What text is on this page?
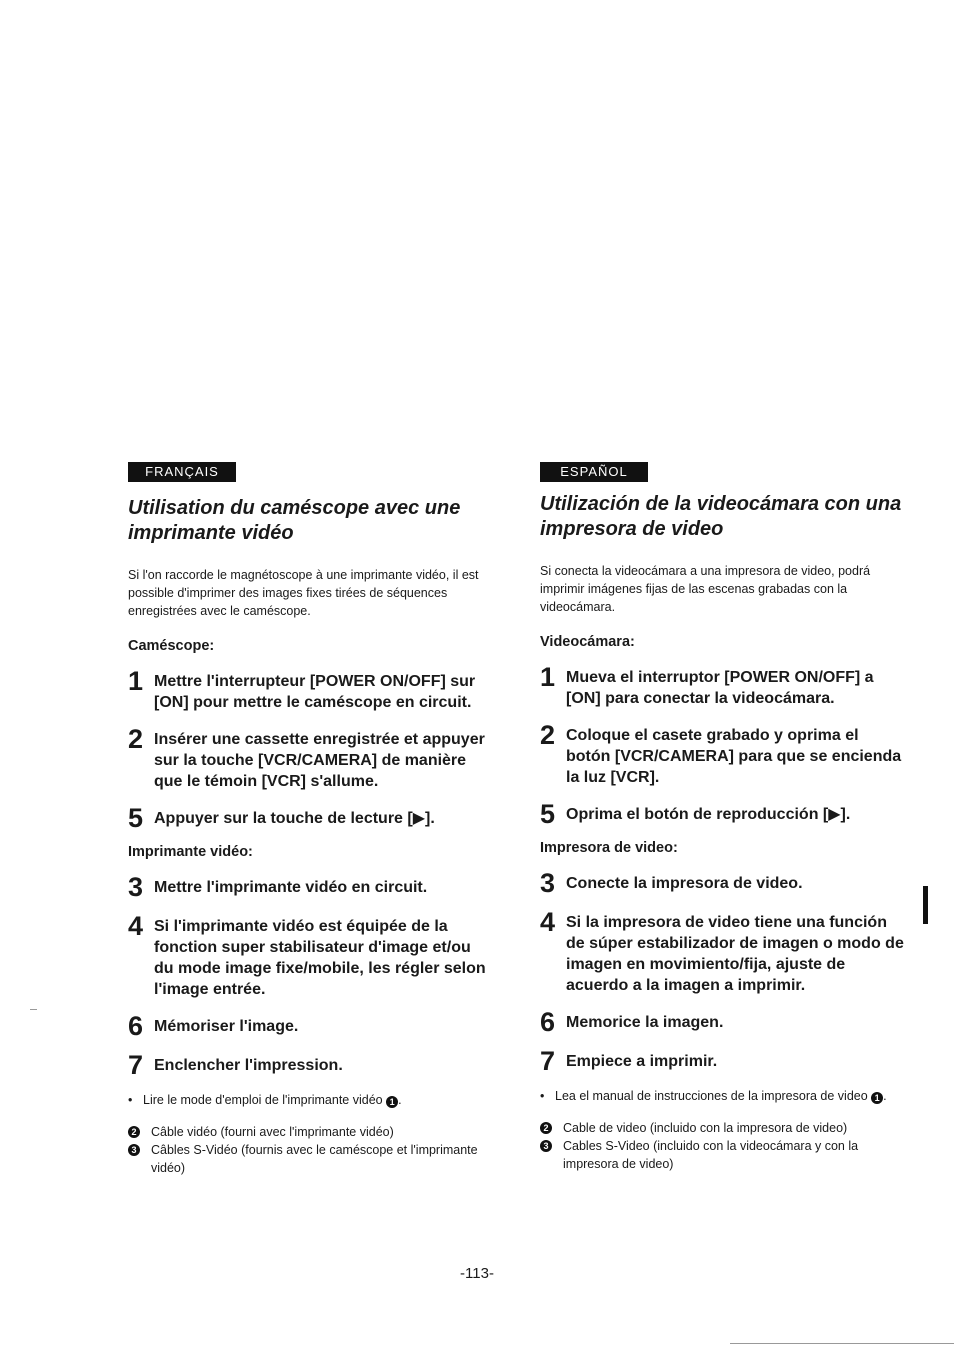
FRANÇAIS
Utilisation du caméscope avec une imprimante vidéo

Si l'on raccorde le magnétoscope à une imprimante vidéo, il est possible d'imprimer des images fixes tirées de séquences enregistrées avec le caméscope.

Caméscope:
1 Mettre l'interrupteur [POWER ON/OFF] sur [ON] pour mettre le caméscope en circuit.
2 Insérer une cassette enregistrée et appuyer sur la touche [VCR/CAMERA] de manière que le témoin [VCR] s'allume.
5 Appuyer sur la touche de lecture [▶].
Imprimante vidéo:
3 Mettre l'imprimante vidéo en circuit.
4 Si l'imprimante vidéo est équipée de la fonction super stabilisateur d'image et/ou du mode image fixe/mobile, les régler selon l'image entrée.
6 Mémoriser l'image.
7 Enclencher l'impression.
• Lire le mode d'emploi de l'imprimante vidéo 1 .
2 Câble vidéo (fourni avec l'imprimante vidéo)
3 Câbles S-Vidéo (fournis avec le caméscope et l'imprimante vidéo)
ESPAÑOL
Utilización de la videocámara con una impresora de video

Si conecta la videocámara a una impresora de video, podrá imprimir imágenes fijas de las escenas grabadas con la videocámara.

Videocámara:
1 Mueva el interruptor [POWER ON/OFF] a [ON] para conectar la videocámara.
2 Coloque el casete grabado y oprima el botón [VCR/CAMERA] para que se encienda la luz [VCR].
5 Oprima el botón de reproducción [▶].
Impresora de video:
3 Conecte la impresora de video.
4 Si la impresora de video tiene una función de súper estabilizador de imagen o modo de imagen en movimiento/fija, ajuste de acuerdo a la imagen a imprimir.
6 Memorice la imagen.
7 Empiece a imprimir.
• Lea el manual de instrucciones de la impresora de video 1 .
2 Cable de video (incluido con la impresora de video)
3 Cables S-Video (incluido con la videocámara y con la impresora de video)
-113-
